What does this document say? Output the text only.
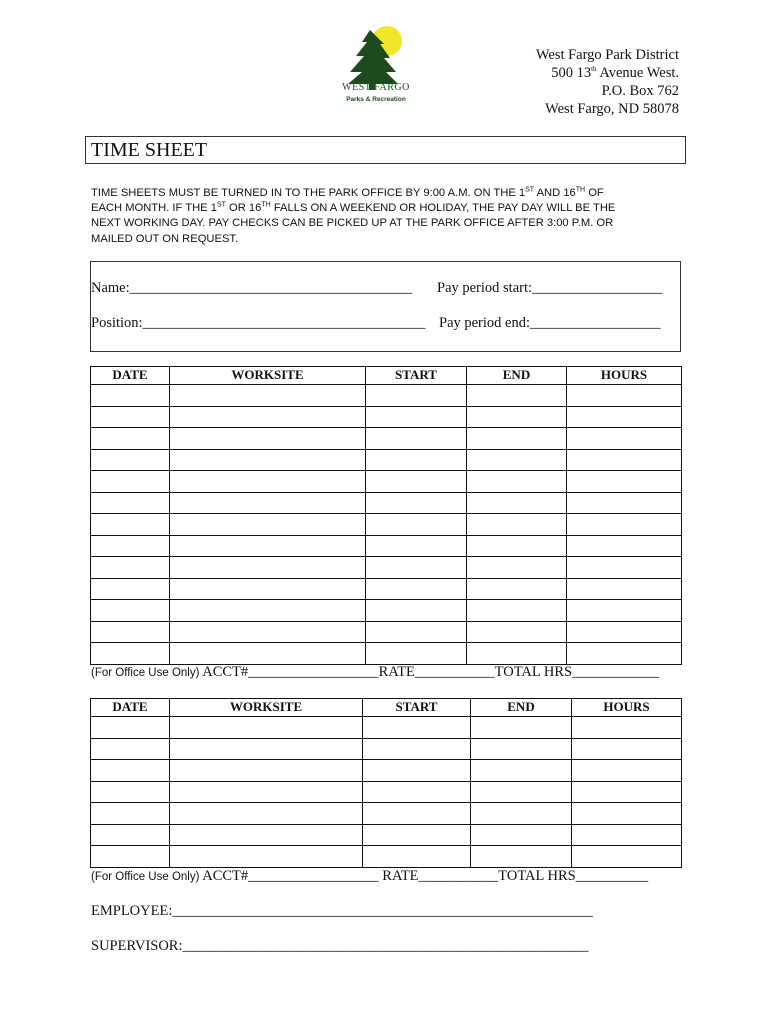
WEST FARGO
Parks & Recreation
West Fargo Park District
500 13th Avenue West.
P.O. Box 762
West Fargo, ND 58078
TIME SHEET
TIME SHEETS MUST BE TURNED IN TO THE PARK OFFICE BY 9:00 A.M. ON THE 1ST AND 16TH OF
EACH MONTH. IF THE 1ST OR 16TH FALLS ON A WEEKEND OR HOLIDAY, THE PAY DAY WILL BE THE
NEXT WORKING DAY. PAY CHECKS CAN BE PICKED UP AT THE PARK OFFICE AFTER 3:00 P.M. OR
MAILED OUT ON REQUEST.
Name:_______________________________________ Pay period start:__________________
Position:_______________________________________ Pay period end:__________________
DATE	WORKSITE	START	END	HOURS

(For Office Use Only) ACCT#__________________RATE___________TOTAL HRS____________
DATE	WORKSITE	START	END	HOURS

(For Office Use Only) ACCT#__________________ RATE___________TOTAL HRS__________
EMPLOYEE:__________________________________________________________
SUPERVISOR:________________________________________________________
